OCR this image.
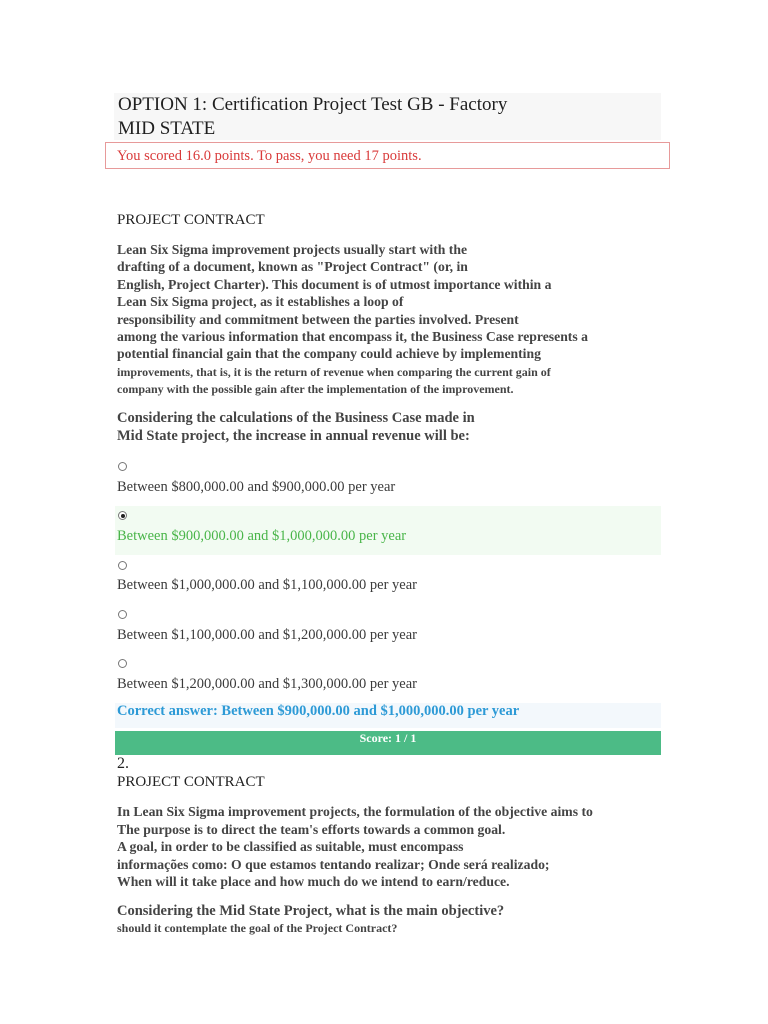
OPTION 1: Certification Project Test GB - Factory
MID STATE
You scored 16.0 points. To pass, you need 17 points.
PROJECT CONTRACT
Lean Six Sigma improvement projects usually start with the
drafting of a document, known as "Project Contract" (or, in
English, Project Charter). This document is of utmost importance within a
Lean Six Sigma project, as it establishes a loop of
responsibility and commitment between the parties involved. Present
among the various information that encompass it, the Business Case represents a
potential financial gain that the company could achieve by implementing
improvements, that is, it is the return of revenue when comparing the current gain of
company with the possible gain after the implementation of the improvement.
Considering the calculations of the Business Case made in
Mid State project, the increase in annual revenue will be:
Between $800,000.00 and $900,000.00 per year
Between $900,000.00 and $1,000,000.00 per year
Between $1,000,000.00 and $1,100,000.00 per year
Between $1,100,000.00 and $1,200,000.00 per year
Between $1,200,000.00 and $1,300,000.00 per year
Correct answer: Between $900,000.00 and $1,000,000.00 per year
Score: 1 / 1
2.
PROJECT CONTRACT
In Lean Six Sigma improvement projects, the formulation of the objective aims to
The purpose is to direct the team's efforts towards a common goal.
A goal, in order to be classified as suitable, must encompass
informações como: O que estamos tentando realizar; Onde será realizado;
When will it take place and how much do we intend to earn/reduce.
Considering the Mid State Project, what is the main objective?
should it contemplate the goal of the Project Contract?
